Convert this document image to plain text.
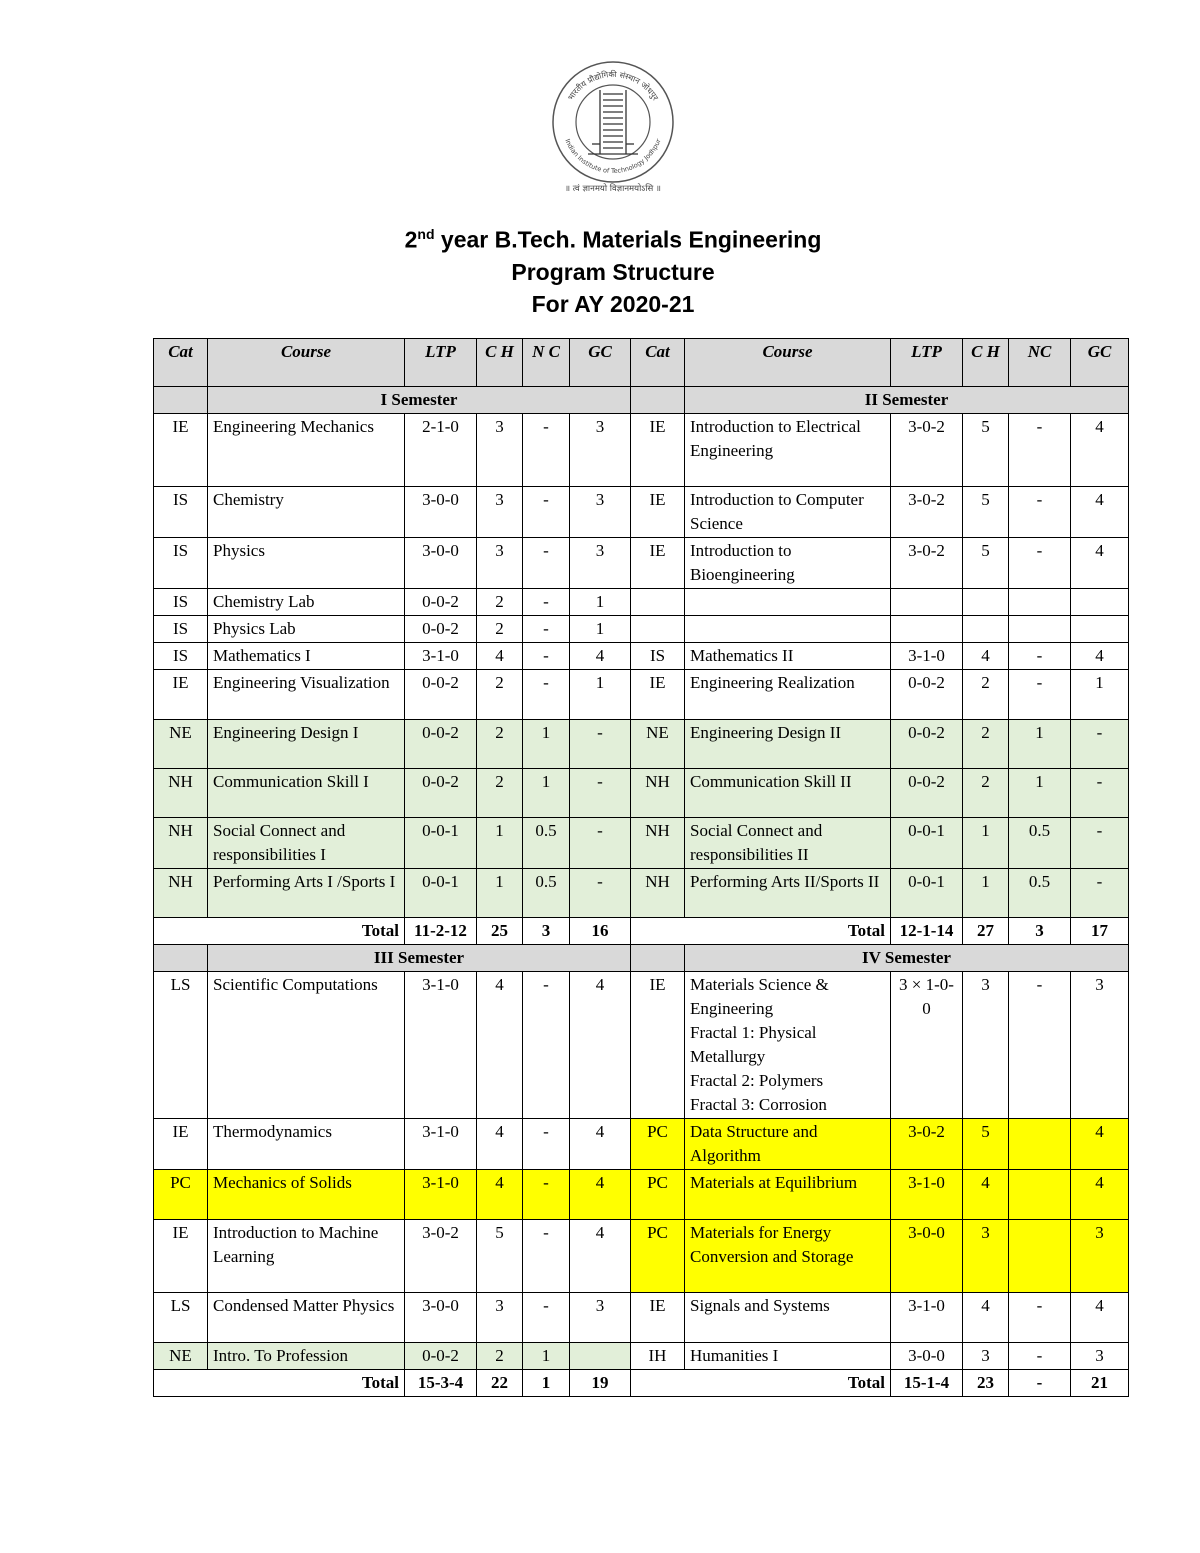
भारतीय प्रौद्योगिकी संस्थान जोधपुर
Indian Institute of Technology Jodhpur
॥ त्वं ज्ञानमयो विज्ञानमयोऽसि ॥
2nd year B.Tech. Materials Engineering
Program Structure
For AY 2020-21
Cat	Course	LTP	C H	N C	GC	Cat	Course	LTP	C H	NC	GC
	I Semester						II Semester				
IE	Engineering Mechanics	2-1-0	3	-	3	IE	Introduction to Electrical Engineering	3-0-2	5	-	4
IS	Chemistry	3-0-0	3	-	3	IE	Introduction to Computer Science	3-0-2	5	-	4
IS	Physics	3-0-0	3	-	3	IE	Introduction to Bioengineering	3-0-2	5	-	4
IS	Chemistry Lab	0-0-2	2	-	1						
IS	Physics Lab	0-0-2	2	-	1						
IS	Mathematics I	3-1-0	4	-	4	IS	Mathematics II	3-1-0	4	-	4
IE	Engineering Visualization	0-0-2	2	-	1	IE	Engineering Realization	0-0-2	2	-	1
NE	Engineering Design I	0-0-2	2	1	-	NE	Engineering Design II	0-0-2	2	1	-
NH	Communication Skill I	0-0-2	2	1	-	NH	Communication Skill II	0-0-2	2	1	-
NH	Social Connect and responsibilities I	0-0-1	1	0.5	-	NH	Social Connect and responsibilities II	0-0-1	1	0.5	-
NH	Performing Arts I /Sports I	0-0-1	1	0.5	-	NH	Performing Arts II/Sports II	0-0-1	1	0.5	-
Total		11-2-12	25	3	16	Total		12-1-14	27	3	17
	III Semester						IV Semester				
LS	Scientific Computations	3-1-0	4	-	4	IE	Materials Science & Engineering
Fractal 1: Physical Metallurgy
Fractal 2: Polymers
Fractal 3: Corrosion	3 × 1-0-0	3	-	3
IE	Thermodynamics	3-1-0	4	-	4	PC	Data Structure and Algorithm	3-0-2	5		4
PC	Mechanics of Solids	3-1-0	4	-	4	PC	Materials at Equilibrium	3-1-0	4		4
IE	Introduction to Machine Learning	3-0-2	5	-	4	PC	Materials for Energy Conversion and Storage	3-0-0	3		3
LS	Condensed Matter Physics	3-0-0	3	-	3	IE	Signals and Systems	3-1-0	4	-	4
NE	Intro. To Profession	0-0-2	2	1		IH	Humanities I	3-0-0	3	-	3
Total		15-3-4	22	1	19	Total		15-1-4	23	-	21
